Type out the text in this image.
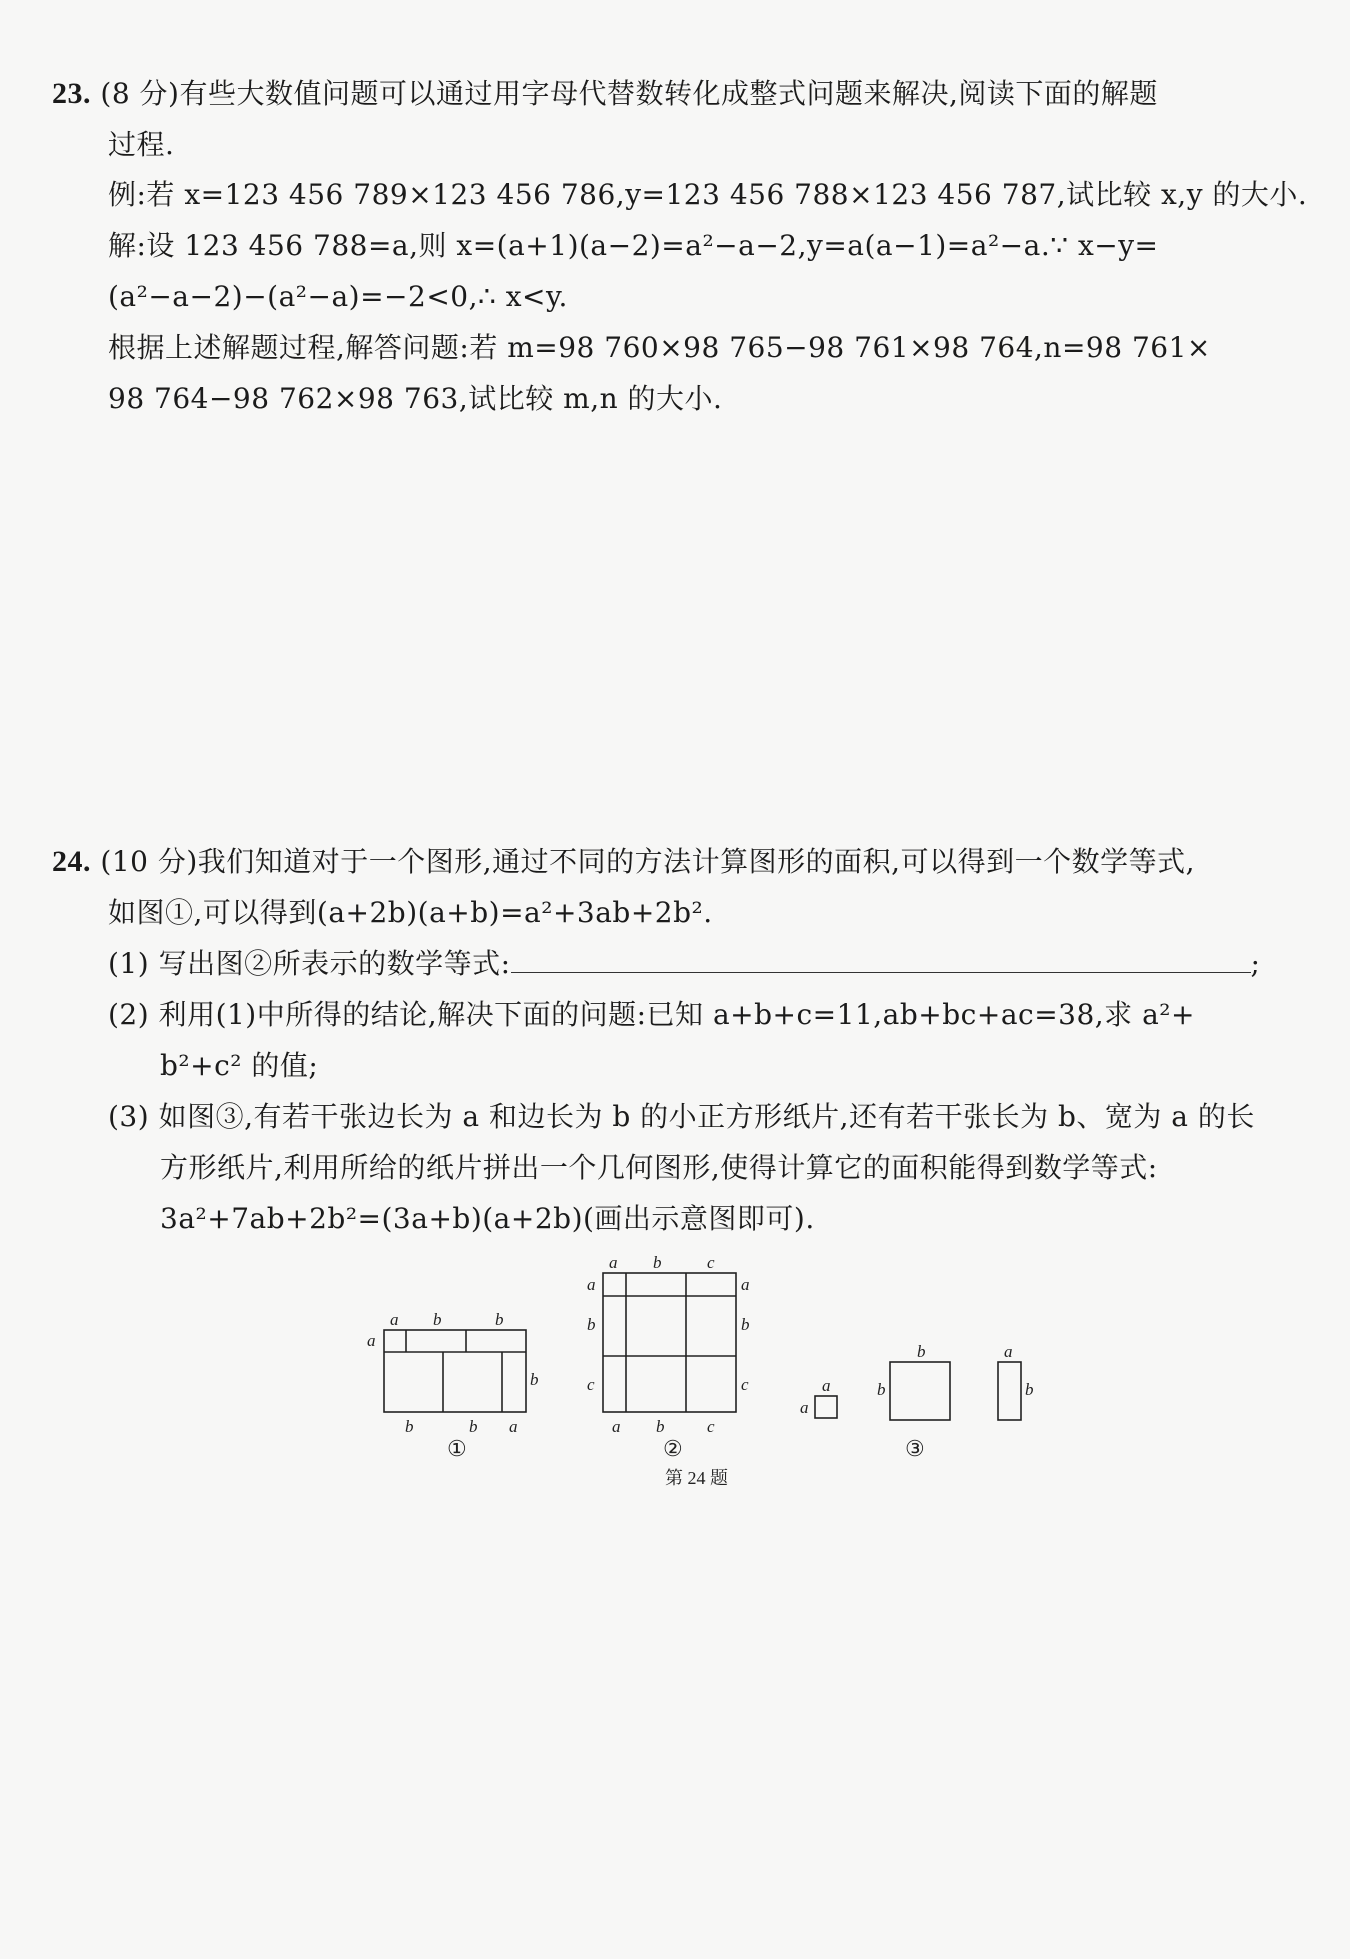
23. (8 分)有些大数值问题可以通过用字母代替数转化成整式问题来解决,阅读下面的解题
过程.
例:若 x=123 456 789×123 456 786,y=123 456 788×123 456 787,试比较 x,y 的大小.
解:设 123 456 788=a,则 x=(a+1)(a−2)=a²−a−2,y=a(a−1)=a²−a.∵ x−y=
(a²−a−2)−(a²−a)=−2<0,∴ x<y.
根据上述解题过程,解答问题:若 m=98 760×98 765−98 761×98 764,n=98 761×
98 764−98 762×98 763,试比较 m,n 的大小.
24. (10 分)我们知道对于一个图形,通过不同的方法计算图形的面积,可以得到一个数学等式,
如图①,可以得到(a+2b)(a+b)=a²+3ab+2b².
(1) 写出图②所表示的数学等式:	;
(2) 利用(1)中所得的结论,解决下面的问题:已知 a+b+c=11,ab+bc+ac=38,求 a²+
b²+c² 的值;
(3) 如图③,有若干张边长为 a 和边长为 b 的小正方形纸片,还有若干张长为 b、宽为 a 的长
方形纸片,利用所给的纸片拼出一个几何图形,使得计算它的面积能得到数学等式:
3a²+7ab+2b²=(3a+b)(a+2b)(画出示意图即可).
a b	b
a
b
b	b a
①
a b	c
a
b
c
a
b
c
a b	c
②
a
a
b
b
a
b
③
第 24 题
